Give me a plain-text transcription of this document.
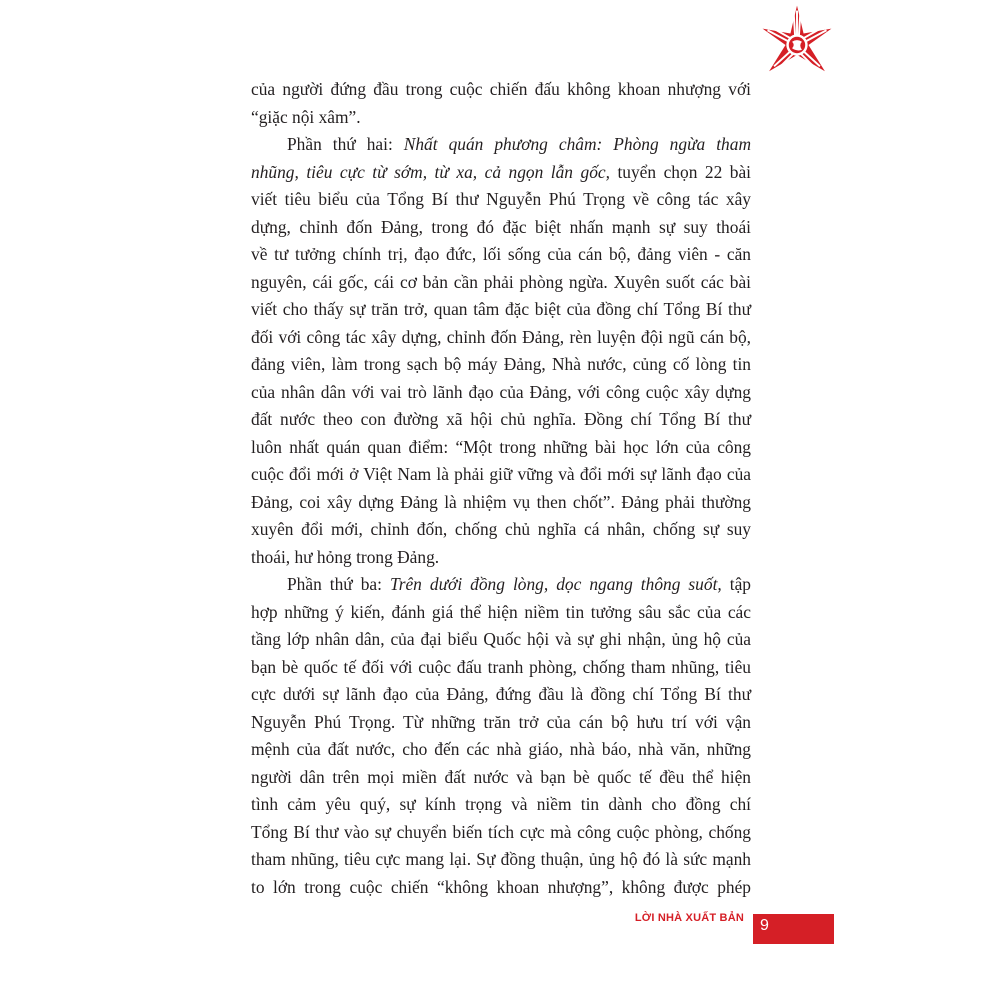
của người đứng đầu trong cuộc chiến đấu không khoan nhượng với
“giặc nội xâm”.
Phần thứ hai: Nhất quán phương châm: Phòng ngừa tham
nhũng, tiêu cực từ sớm, từ xa, cả ngọn lẫn gốc, tuyển chọn 22 bài
viết tiêu biểu của Tổng Bí thư Nguyễn Phú Trọng về công tác xây
dựng, chỉnh đốn Đảng, trong đó đặc biệt nhấn mạnh sự suy thoái
về tư tưởng chính trị, đạo đức, lối sống của cán bộ, đảng viên - căn
nguyên, cái gốc, cái cơ bản cần phải phòng ngừa. Xuyên suốt các bài
viết cho thấy sự trăn trở, quan tâm đặc biệt của đồng chí Tổng Bí thư
đối với công tác xây dựng, chỉnh đốn Đảng, rèn luyện đội ngũ cán bộ,
đảng viên, làm trong sạch bộ máy Đảng, Nhà nước, củng cố lòng tin
của nhân dân với vai trò lãnh đạo của Đảng, với công cuộc xây dựng
đất nước theo con đường xã hội chủ nghĩa. Đồng chí Tổng Bí thư
luôn nhất quán quan điểm: “Một trong những bài học lớn của công
cuộc đổi mới ở Việt Nam là phải giữ vững và đổi mới sự lãnh đạo của
Đảng, coi xây dựng Đảng là nhiệm vụ then chốt”. Đảng phải thường
xuyên đổi mới, chỉnh đốn, chống chủ nghĩa cá nhân, chống sự suy
thoái, hư hỏng trong Đảng.
Phần thứ ba: Trên dưới đồng lòng, dọc ngang thông suốt, tập
hợp những ý kiến, đánh giá thể hiện niềm tin tưởng sâu sắc của các
tầng lớp nhân dân, của đại biểu Quốc hội và sự ghi nhận, ủng hộ của
bạn bè quốc tế đối với cuộc đấu tranh phòng, chống tham nhũng, tiêu
cực dưới sự lãnh đạo của Đảng, đứng đầu là đồng chí Tổng Bí thư
Nguyễn Phú Trọng. Từ những trăn trở của cán bộ hưu trí với vận
mệnh của đất nước, cho đến các nhà giáo, nhà báo, nhà văn, những
người dân trên mọi miền đất nước và bạn bè quốc tế đều thể hiện
tình cảm yêu quý, sự kính trọng và niềm tin dành cho đồng chí
Tổng Bí thư vào sự chuyển biến tích cực mà công cuộc phòng, chống
tham nhũng, tiêu cực mang lại. Sự đồng thuận, ủng hộ đó là sức mạnh
to lớn trong cuộc chiến “không khoan nhượng”, không được phép
LỜI NHÀ XUẤT BẢN 9
